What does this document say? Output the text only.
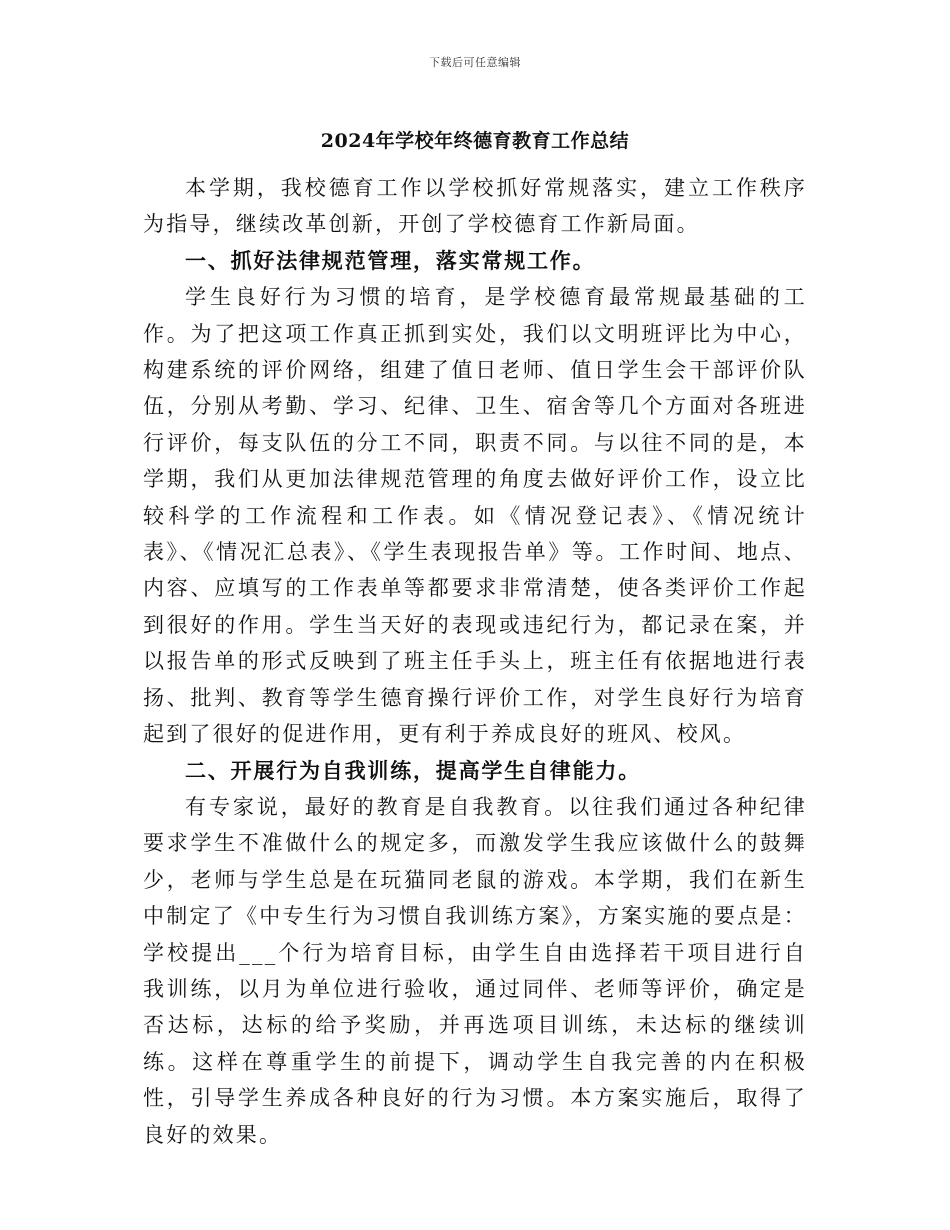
下载后可任意编辑
2024年学校年终德育教育工作总结

本学期，我校德育工作以学校抓好常规落实，建立工作秩序为指导，继续改革创新，开创了学校德育工作新局面。

一、抓好法律规范管理，落实常规工作。

学生良好行为习惯的培育，是学校德育最常规最基础的工作。为了把这项工作真正抓到实处，我们以文明班评比为中心，构建系统的评价网络，组建了值日老师、值日学生会干部评价队伍，分别从考勤、学习、纪律、卫生、宿舍等几个方面对各班进行评价，每支队伍的分工不同，职责不同。与以往不同的是，本学期，我们从更加法律规范管理的角度去做好评价工作，设立比较科学的工作流程和工作表。如《情况登记表》、《情况统计表》、《情况汇总表》、《学生表现报告单》等。工作时间、地点、内容、应填写的工作表单等都要求非常清楚，使各类评价工作起到很好的作用。学生当天好的表现或违纪行为，都记录在案，并以报告单的形式反映到了班主任手头上，班主任有依据地进行表扬、批判、教育等学生德育操行评价工作，对学生良好行为培育起到了很好的促进作用，更有利于养成良好的班风、校风。

二、开展行为自我训练，提高学生自律能力。

有专家说，最好的教育是自我教育。以往我们通过各种纪律要求学生不准做什么的规定多，而激发学生我应该做什么的鼓舞少，老师与学生总是在玩猫同老鼠的游戏。本学期，我们在新生中制定了《中专生行为习惯自我训练方案》，方案实施的要点是：学校提出___个行为培育目标，由学生自由选择若干项目进行自我训练，以月为单位进行验收，通过同伴、老师等评价，确定是否达标，达标的给予奖励，并再选项目训练，未达标的继续训练。这样在尊重学生的前提下，调动学生自我完善的内在积极性，引导学生养成各种良好的行为习惯。本方案实施后，取得了良好的效果。
